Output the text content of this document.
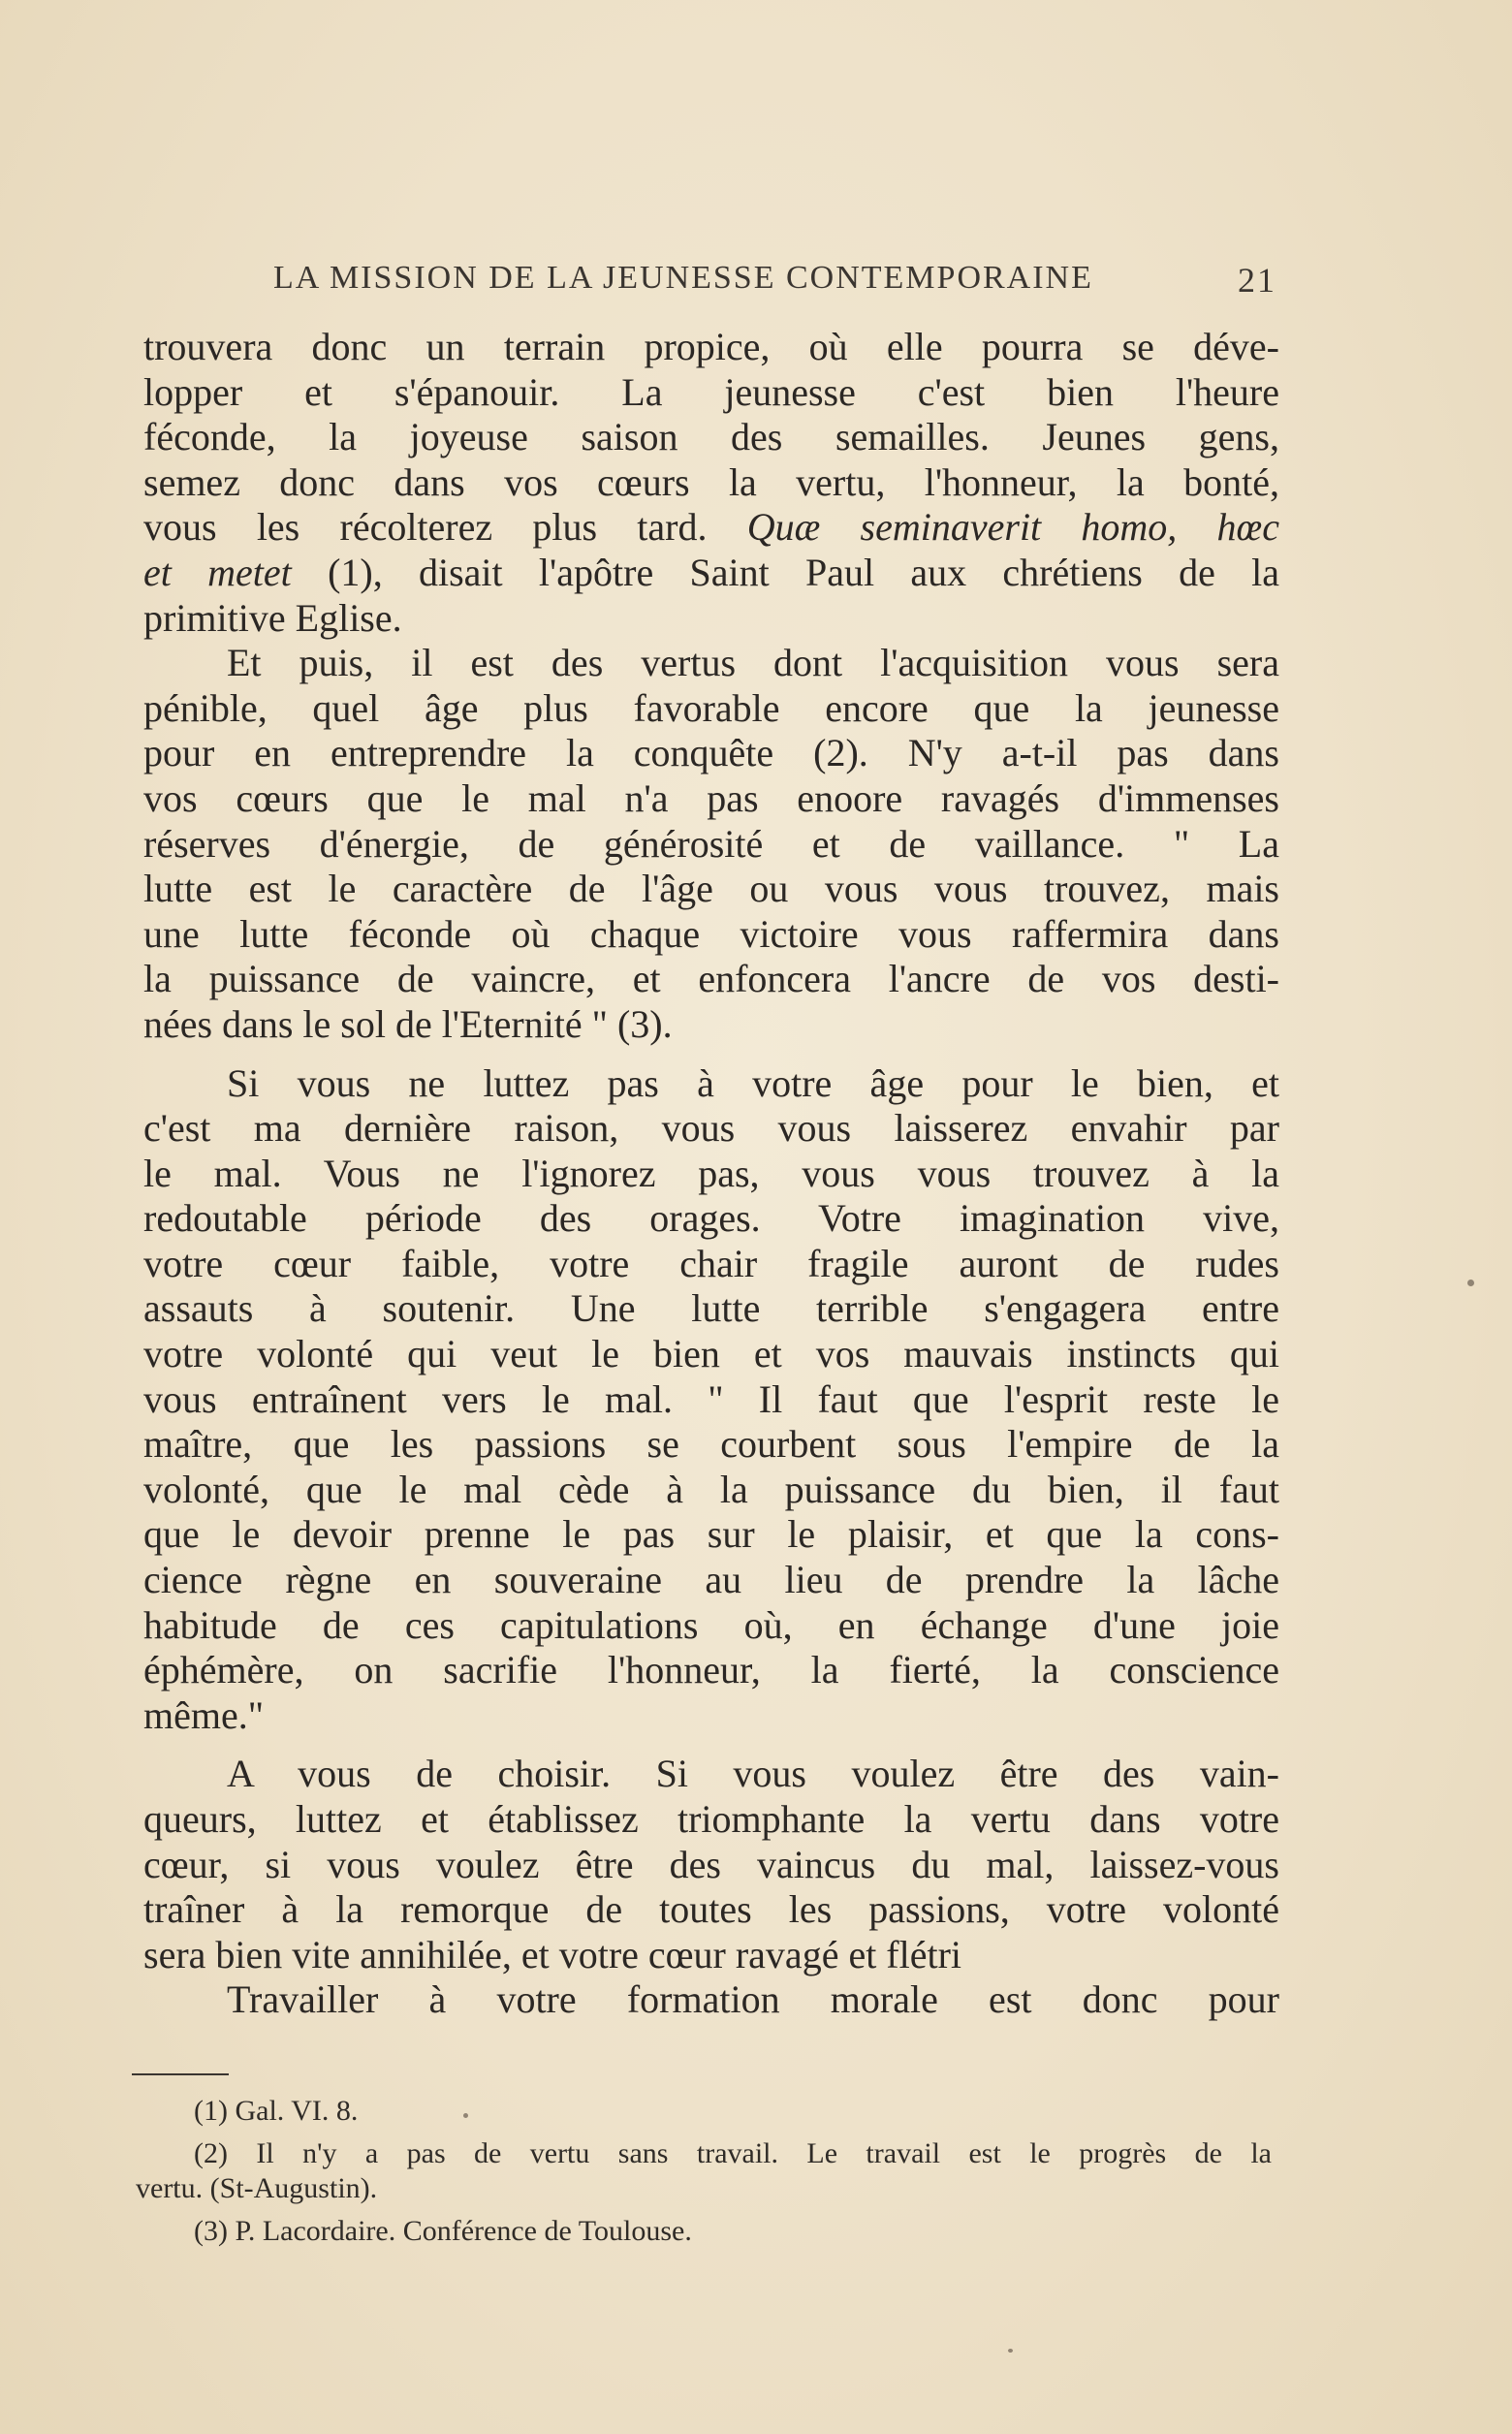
LA MISSION DE LA JEUNESSE CONTEMPORAINE	21

trouvera donc un terrain propice, où elle pourra se déve-
lopper et s'épanouir. La jeunesse c'est bien l'heure
féconde, la joyeuse saison des semailles. Jeunes gens,
semez donc dans vos cœurs la vertu, l'honneur, la bonté,
vous les récolterez plus tard. Quæ seminaverit homo, hœc
et metet (1), disait l'apôtre Saint Paul aux chrétiens de la
primitive Eglise.

Et puis, il est des vertus dont l'acquisition vous sera
pénible, quel âge plus favorable encore que la jeunesse
pour en entreprendre la conquête (2). N'y a-t-il pas dans
vos cœurs que le mal n'a pas enoore ravagés d'immenses
réserves d'énergie, de générosité et de vaillance. " La
lutte est le caractère de l'âge ou vous vous trouvez, mais
une lutte féconde où chaque victoire vous raffermira dans
la puissance de vaincre, et enfoncera l'ancre de vos desti-
nées dans le sol de l'Eternité " (3).

Si vous ne luttez pas à votre âge pour le bien, et
c'est ma dernière raison, vous vous laisserez envahir par
le mal. Vous ne l'ignorez pas, vous vous trouvez à la
redoutable période des orages. Votre imagination vive,
votre cœur faible, votre chair fragile auront de rudes
assauts à soutenir. Une lutte terrible s'engagera entre
votre volonté qui veut le bien et vos mauvais instincts qui
vous entraînent vers le mal. " Il faut que l'esprit reste le
maître, que les passions se courbent sous l'empire de la
volonté, que le mal cède à la puissance du bien, il faut
que le devoir prenne le pas sur le plaisir, et que la cons-
cience règne en souveraine au lieu de prendre la lâche
habitude de ces capitulations où, en échange d'une joie
éphémère, on sacrifie l'honneur, la fierté, la conscience
même."

A vous de choisir. Si vous voulez être des vain-
queurs, luttez et établissez triomphante la vertu dans votre
cœur, si vous voulez être des vaincus du mal, laissez-vous
traîner à la remorque de toutes les passions, votre volonté
sera bien vite annihilée, et votre cœur ravagé et flétri

Travailler à votre formation morale est donc pour

(1) Gal. VI. 8.
(2) Il n'y a pas de vertu sans travail. Le travail est le progrès de la
vertu. (St-Augustin).
(3) P. Lacordaire. Conférence de Toulouse.
